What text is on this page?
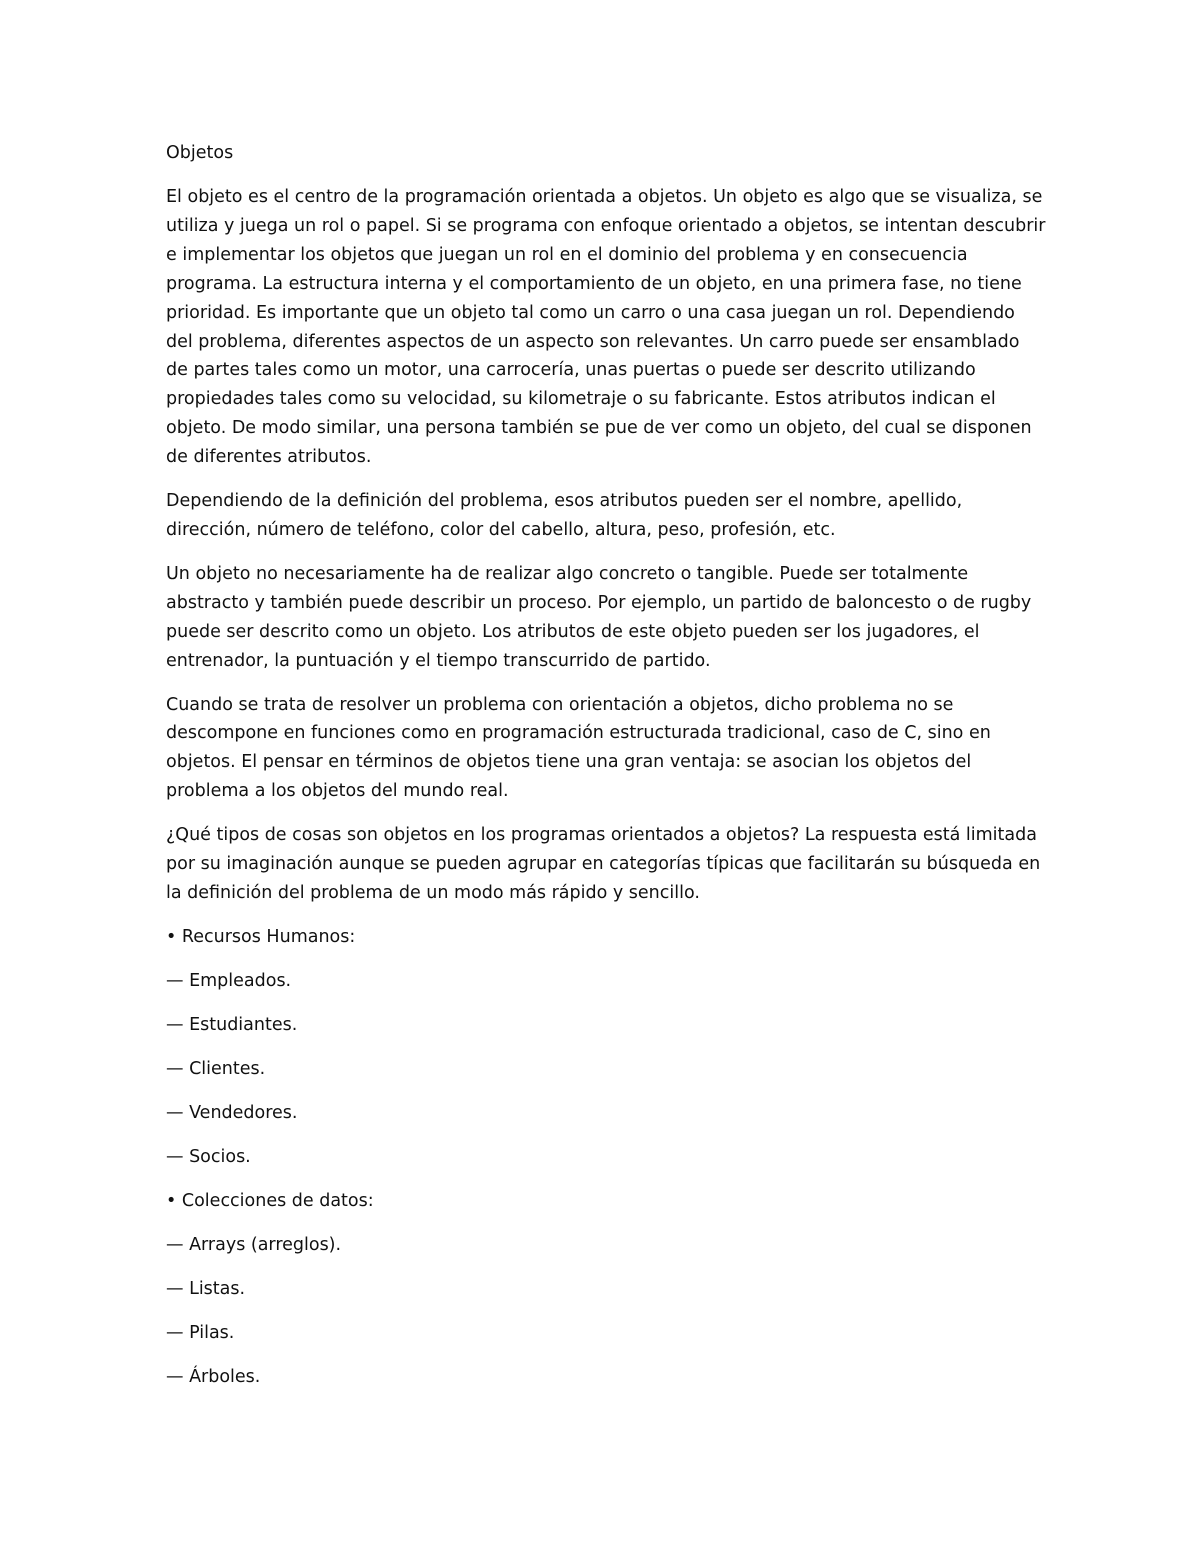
Objetos

El objeto es el centro de la programación orientada a objetos. Un objeto es algo que se visualiza, se utiliza y juega un rol o papel. Si se programa con enfoque orientado a objetos, se intentan descubrir e implementar los objetos que juegan un rol en el dominio del problema y en consecuencia programa. La estructura interna y el comportamiento de un objeto, en una primera fase, no tiene prioridad. Es importante que un objeto tal como un carro o una casa juegan un rol. Dependiendo del problema, diferentes aspectos de un aspecto son relevantes. Un carro puede ser ensamblado de partes tales como un motor, una carrocería, unas puertas o puede ser descrito utilizando propiedades tales como su velocidad, su kilometraje o su fabricante. Estos atributos indican el objeto. De modo similar, una persona también se pue de ver como un objeto, del cual se disponen de diferentes atributos.

Dependiendo de la definición del problema, esos atributos pueden ser el nombre, apellido, dirección, número de teléfono, color del cabello, altura, peso, profesión, etc.

Un objeto no necesariamente ha de realizar algo concreto o tangible. Puede ser totalmente abstracto y también puede describir un proceso. Por ejemplo, un partido de baloncesto o de rugby puede ser descrito como un objeto. Los atributos de este objeto pueden ser los jugadores, el entrenador, la puntuación y el tiempo transcurrido de partido.

Cuando se trata de resolver un problema con orientación a objetos, dicho problema no se descompone en funciones como en programación estructurada tradicional, caso de C, sino en objetos. El pensar en términos de objetos tiene una gran ventaja: se asocian los objetos del problema a los objetos del mundo real.

¿Qué tipos de cosas son objetos en los programas orientados a objetos? La respuesta está limitada por su imaginación aunque se pueden agrupar en categorías típicas que facilitarán su búsqueda en la definición del problema de un modo más rápido y sencillo.

• Recursos Humanos:
— Empleados.
— Estudiantes.
— Clientes.
— Vendedores.
— Socios.
• Colecciones de datos:
— Arrays (arreglos).
— Listas.
— Pilas.
— Árboles.
